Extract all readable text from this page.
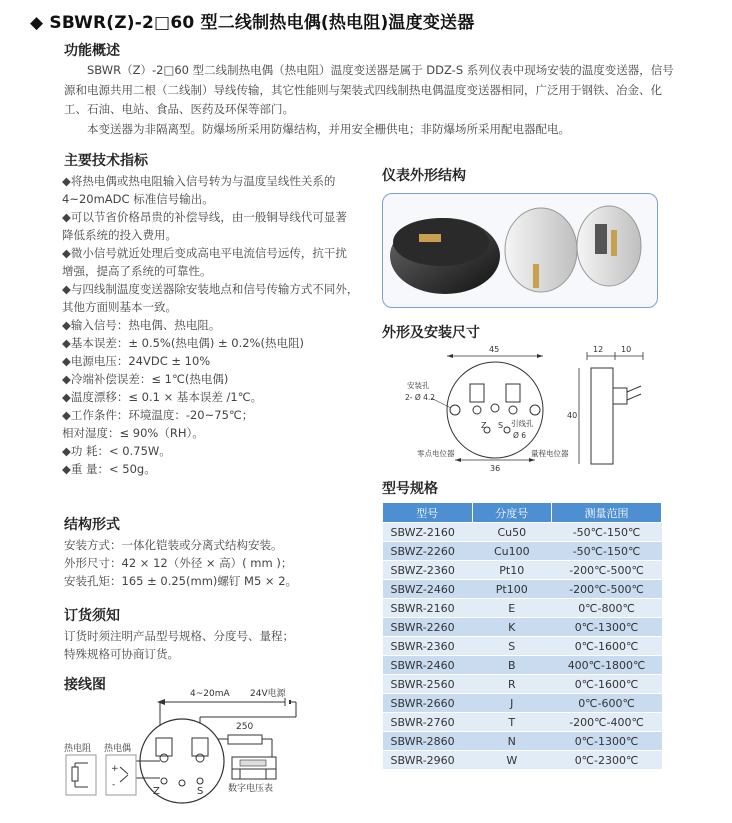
◆ SBWR(Z)-2□60 型二线制热电偶(热电阻)温度变送器
功能概述
SBWR（Z）-2□60 型二线制热电偶（热电阻）温度变送器是属于 DDZ-S 系列仪表中现场安装的温度变送器，信号源和电源共用二根（二线制）导线传输，其它性能则与架装式四线制热电偶温度变送器相同，广泛用于钢铁、冶金、化工、石油、电站、食品、医药及环保等部门。
本变送器为非隔离型。防爆场所采用防爆结构，并用安全栅供电；非防爆场所采用配电器配电。
主要技术指标
◆将热电偶或热电阻输入信号转为与温度呈线性关系的
4~20mADC 标准信号输出。
◆可以节省价格昂贵的补偿导线，由一般铜导线代可显著
降低系统的投入费用。
◆微小信号就近处理后变成高电平电流信号远传，抗干扰
增强，提高了系统的可靠性。
◆与四线制温度变送器除安装地点和信号传输方式不同外，
其他方面则基本一致。
◆输入信号：热电偶、热电阻。
◆基本误差：± 0.5%(热电偶) ± 0.2%(热电阻)
◆电源电压：24VDC ± 10%
◆冷端补偿误差：≤ 1℃(热电偶)
◆温度漂移：≤ 0.1 × 基本误差 /1℃。
◆工作条件：环境温度：-20~75℃；
相对湿度：≤ 90%（RH）。
◆功 耗：< 0.75W。
◆重 量：< 50g。
结构形式
安装方式：一体化铠装或分离式结构安装。
外形尺寸：42 × 12（外径 × 高）( mm )；
安装孔矩：165 ± 0.25(mm)螺钉 M5 × 2。
订货须知
订货时须注明产品型号规格、分度号、量程；
特殊规格可协商订货。
接线图
4~20mA 24V电源
250
数字电压表
Z	S
热电阻 热电偶
+
-
仪表外形结构
外形及安装尺寸
45
Z S
安装孔
2- Ø 4.2
引线孔
Ø 6
零点电位器	量程电位器
36
12 10
40
型号规格
型号	分度号	测量范围
SBWZ-2160	Cu50	-50℃-150℃
SBWZ-2260	Cu100	-50℃-150℃
SBWZ-2360	Pt10	-200℃-500℃
SBWZ-2460	Pt100	-200℃-500℃
SBWR-2160	E	0℃-800℃
SBWR-2260	K	0℃-1300℃
SBWR-2360	S	0℃-1600℃
SBWR-2460	B	400℃-1800℃
SBWR-2560	R	0℃-1600℃
SBWR-2660	J	0℃-600℃
SBWR-2760	T	-200℃-400℃
SBWR-2860	N	0℃-1300℃
SBWR-2960	W	0℃-2300℃
